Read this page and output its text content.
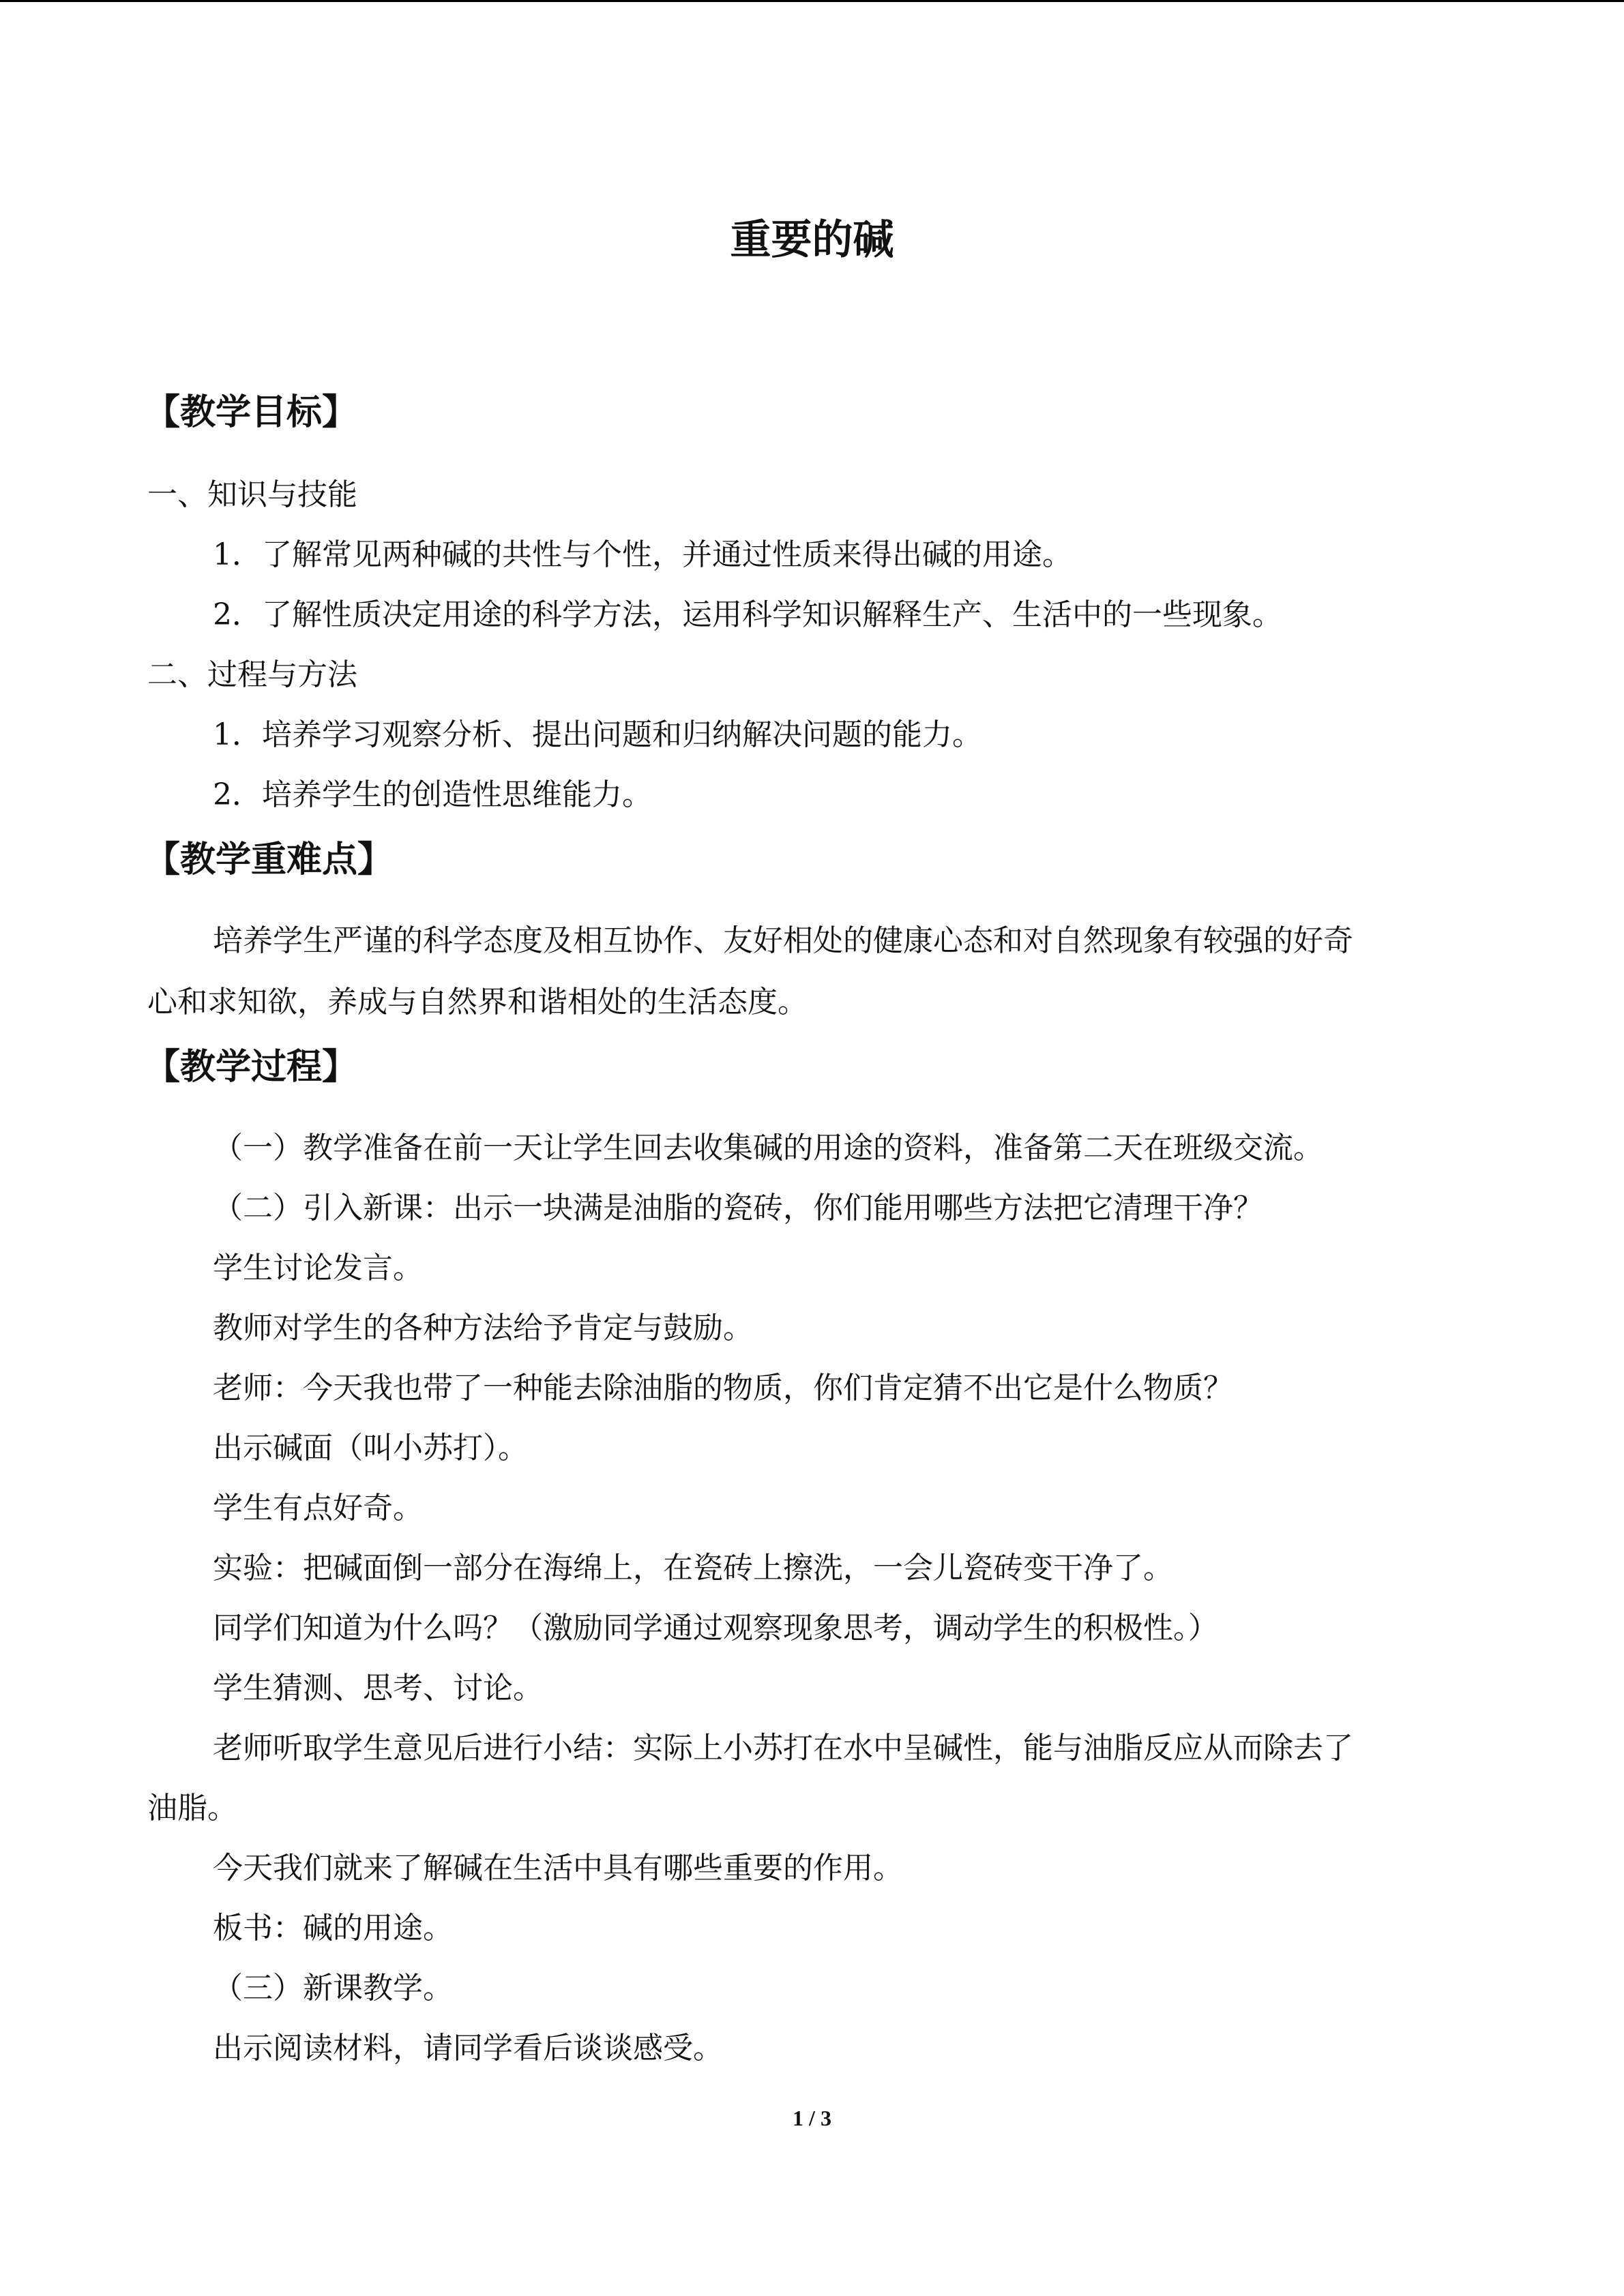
重要的碱
【教学目标】
一、知识与技能
1．了解常见两种碱的共性与个性，并通过性质来得出碱的用途。
2．了解性质决定用途的科学方法，运用科学知识解释生产、生活中的一些现象。
二、过程与方法
1．培养学习观察分析、提出问题和归纳解决问题的能力。
2．培养学生的创造性思维能力。
【教学重难点】
培养学生严谨的科学态度及相互协作、友好相处的健康心态和对自然现象有较强的好奇
心和求知欲，养成与自然界和谐相处的生活态度。
【教学过程】
（一）教学准备在前一天让学生回去收集碱的用途的资料，准备第二天在班级交流。
（二）引入新课：出示一块满是油脂的瓷砖，你们能用哪些方法把它清理干净？
学生讨论发言。
教师对学生的各种方法给予肯定与鼓励。
老师：今天我也带了一种能去除油脂的物质，你们肯定猜不出它是什么物质？
出示碱面（叫小苏打）。
学生有点好奇。
实验：把碱面倒一部分在海绵上，在瓷砖上擦洗，一会儿瓷砖变干净了。
同学们知道为什么吗？（激励同学通过观察现象思考，调动学生的积极性。）
学生猜测、思考、讨论。
老师听取学生意见后进行小结：实际上小苏打在水中呈碱性，能与油脂反应从而除去了
油脂。
今天我们就来了解碱在生活中具有哪些重要的作用。
板书：碱的用途。
（三）新课教学。
出示阅读材料，请同学看后谈谈感受。
1 / 3
